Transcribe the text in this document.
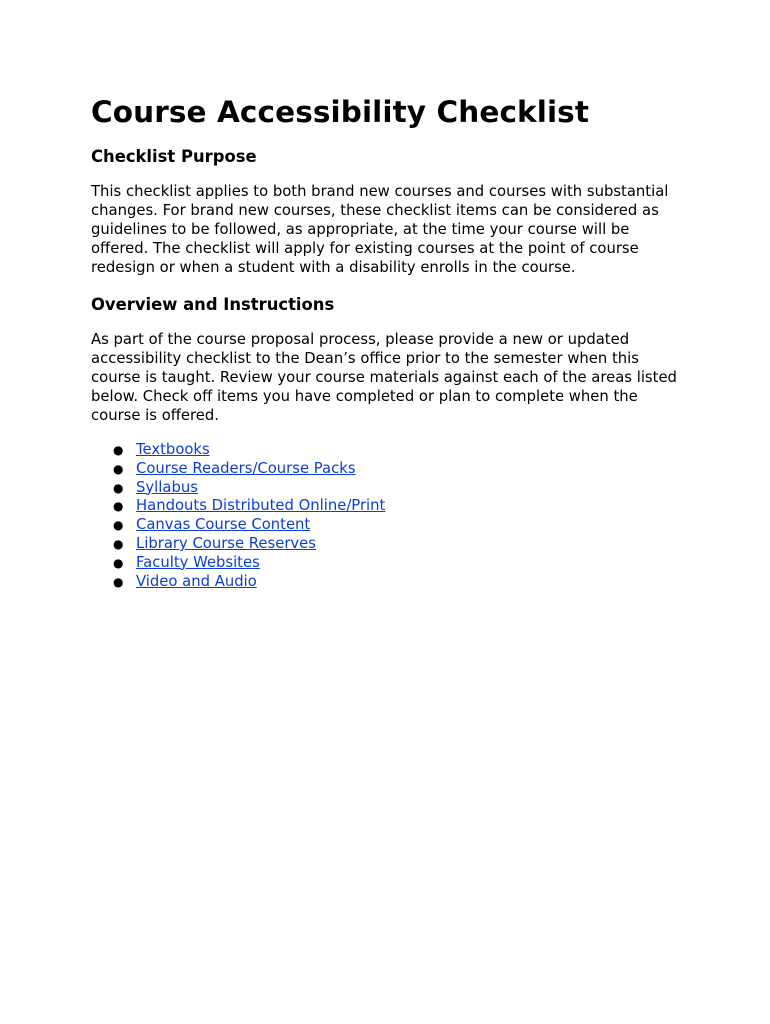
Course Accessibility Checklist
Checklist Purpose

This checklist applies to both brand new courses and courses with substantial changes. For brand new courses, these checklist items can be considered as guidelines to be followed, as appropriate, at the time your course will be offered. The checklist will apply for existing courses at the point of course redesign or when a student with a disability enrolls in the course.

Overview and Instructions

As part of the course proposal process, please provide a new or updated accessibility checklist to the Dean’s office prior to the semester when this course is taught. Review your course materials against each of the areas listed below. Check off items you have completed or plan to complete when the course is offered.

● Textbooks
● Course Readers/Course Packs
● Syllabus
● Handouts Distributed Online/Print
● Canvas Course Content
● Library Course Reserves
● Faculty Websites
● Video and Audio
